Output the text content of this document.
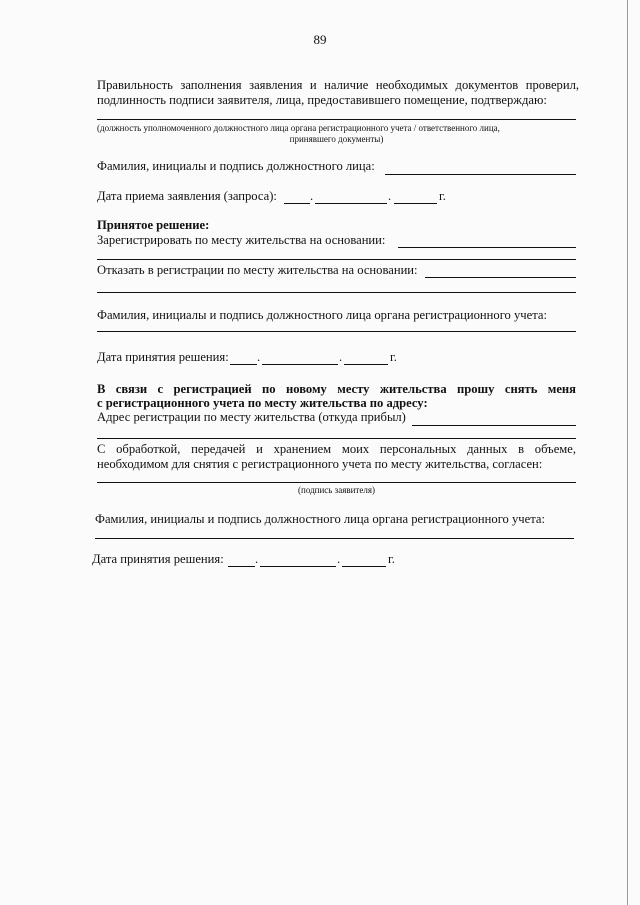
89
Правильность заполнения заявления и наличие необходимых документов проверил,
подлинность подписи заявителя, лица, предоставившего помещение, подтверждаю:
(должность уполномоченного должностного лица органа регистрационного учета / ответственного лица,
принявшего документы)
Фамилия, инициалы и подпись должностного лица:
Дата приема заявления (запроса):	.	.	г.
Принятое решение:
Зарегистрировать по месту жительства на основании:
Отказать в регистрации по месту жительства на основании:
Фамилия, инициалы и подпись должностного лица органа регистрационного учета:
Дата принятия решения: .	.	г.
В связи с регистрацией по новому месту жительства прошу снять меня
с регистрационного учета по месту жительства по адресу:
Адрес регистрации по месту жительства (откуда прибыл)
С обработкой, передачей и хранением моих персональных данных в объеме,
необходимом для снятия с регистрационного учета по месту жительства, согласен:
(подпись заявителя)
Фамилия, инициалы и подпись должностного лица органа регистрационного учета:
Дата принятия решения: .	.	г.
